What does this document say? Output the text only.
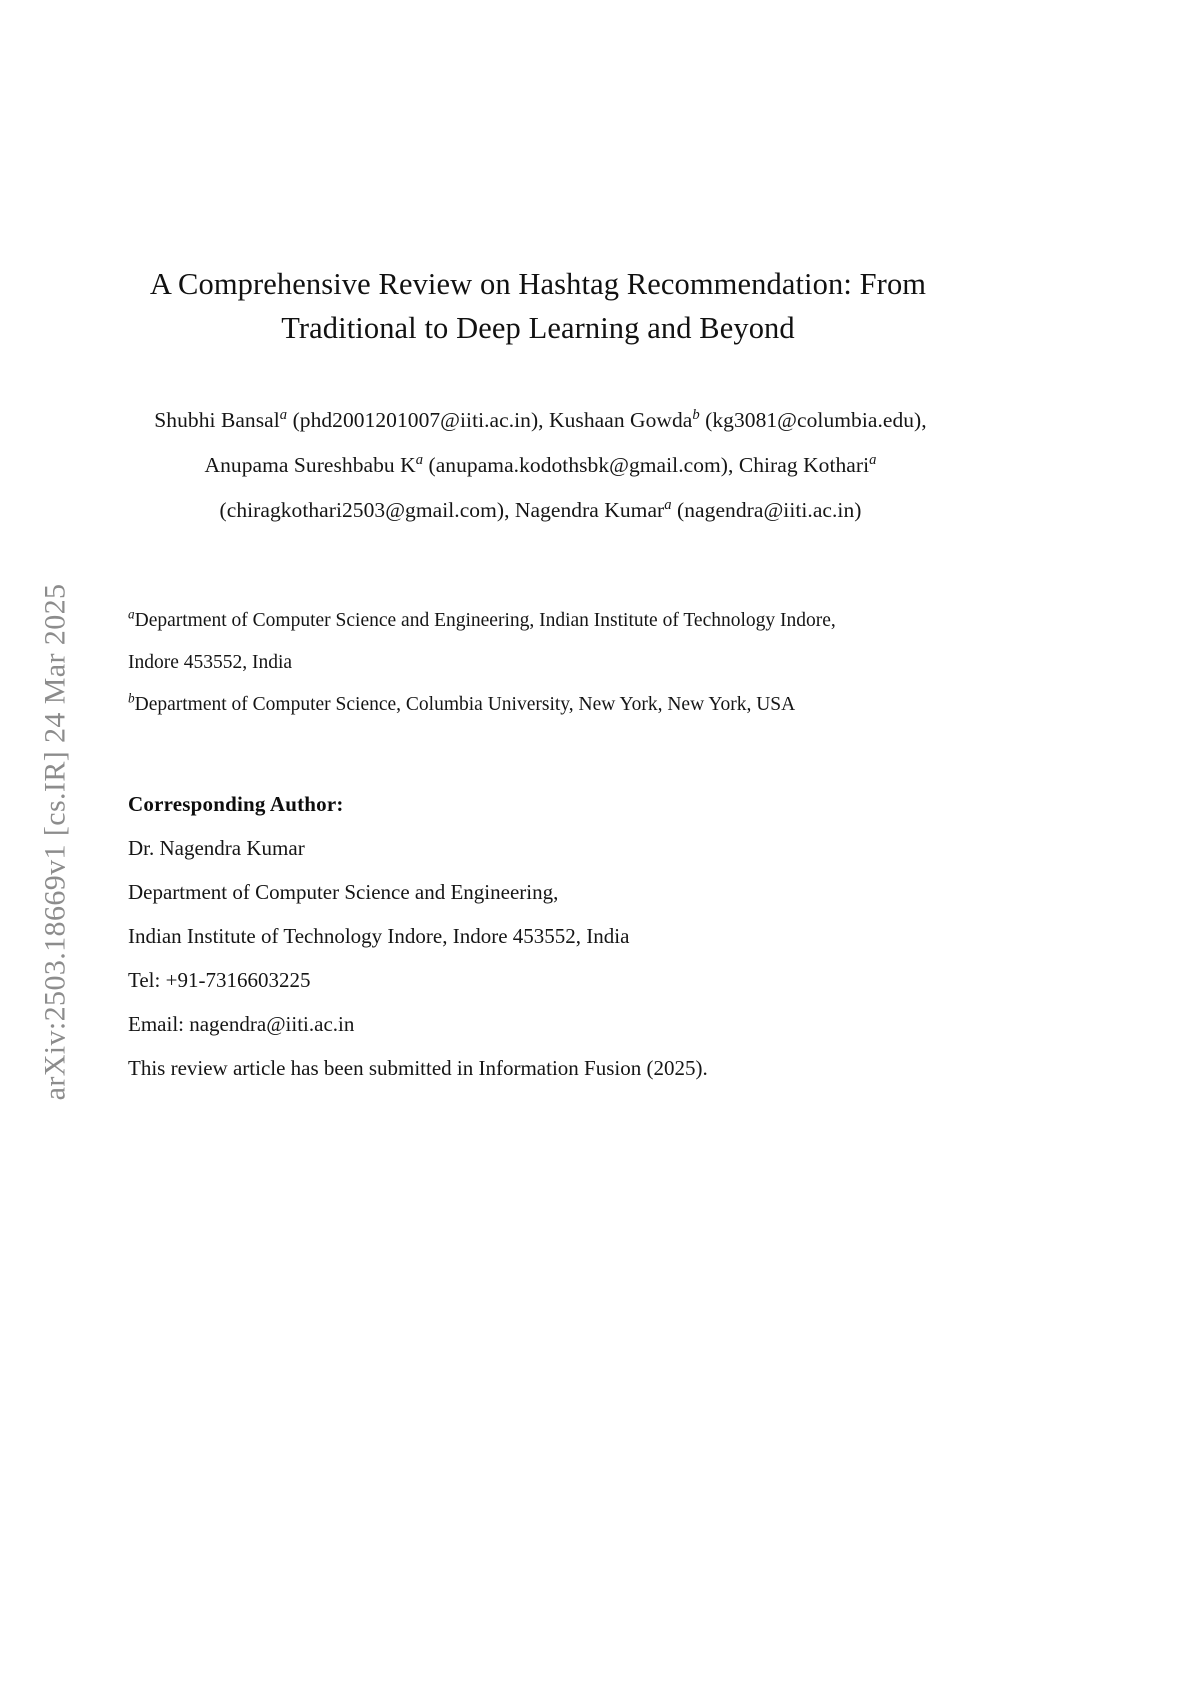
arXiv:2503.18669v1 [cs.IR] 24 Mar 2025
A Comprehensive Review on Hashtag Recommendation: From
Traditional to Deep Learning and Beyond
Shubhi Bansal$^a$ (phd2001201007@iiti.ac.in), Kushaan Gowda$^b$ (kg3081@columbia.edu),
Anupama Sureshbabu $K^a$ (anupama.kodothsbk@gmail.com), Chirag Kothari$^a$
(chiragkothari2503@gmail.com), Nagendra Kumar$^a$ (nagendra@iiti.ac.in)
$^a$Department of Computer Science and Engineering, Indian Institute of Technology Indore,
Indore 453552, India
$^b$Department of Computer Science, Columbia University, New York, New York, USA
Corresponding Author:
Dr. Nagendra Kumar
Department of Computer Science and Engineering,
Indian Institute of Technology Indore, Indore 453552, India
Tel: +91-7316603225
Email: nagendra@iiti.ac.in
This review article has been submitted in Information Fusion (2025).
